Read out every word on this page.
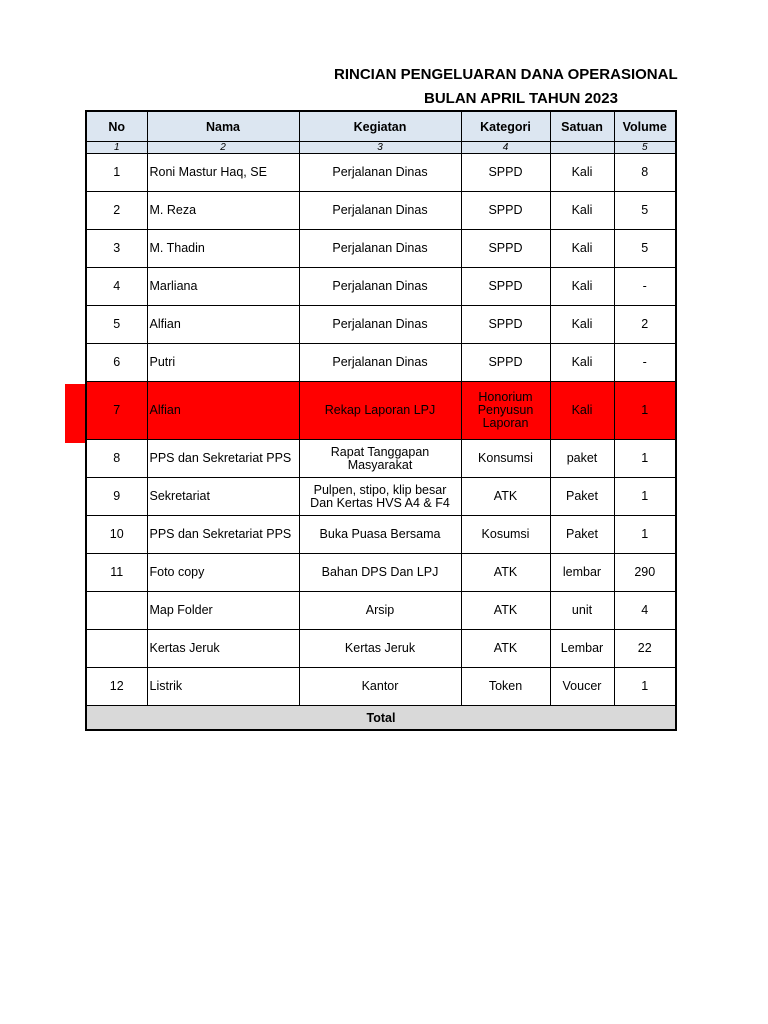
RINCIAN PENGELUARAN DANA OPERASIONAL
BULAN APRIL TAHUN 2023
No	Nama	Kegiatan	Kategori	Satuan	Volume
1	2	3	4		5
1	Roni Mastur Haq, SE	Perjalanan Dinas	SPPD	Kali	8
2	M. Reza	Perjalanan Dinas	SPPD	Kali	5
3	M. Thadin	Perjalanan Dinas	SPPD	Kali	5
4	Marliana	Perjalanan Dinas	SPPD	Kali	-
5	Alfian	Perjalanan Dinas	SPPD	Kali	2
6	Putri	Perjalanan Dinas	SPPD	Kali	-
7	Alfian	Rekap Laporan LPJ	Honorium Penyusun Laporan	Kali	1
8	PPS dan Sekretariat PPS	Rapat Tanggapan Masyarakat	Konsumsi	paket	1
9	Sekretariat	Pulpen, stipo, klip besar Dan Kertas HVS A4 & F4	ATK	Paket	1
10	PPS dan Sekretariat PPS	Buka Puasa Bersama	Kosumsi	Paket	1
11	Foto copy	Bahan DPS Dan LPJ	ATK	lembar	290
	Map Folder	Arsip	ATK	unit	4
	Kertas Jeruk	Kertas Jeruk	ATK	Lembar	22
12	Listrik	Kantor	Token	Voucer	1
Total					
